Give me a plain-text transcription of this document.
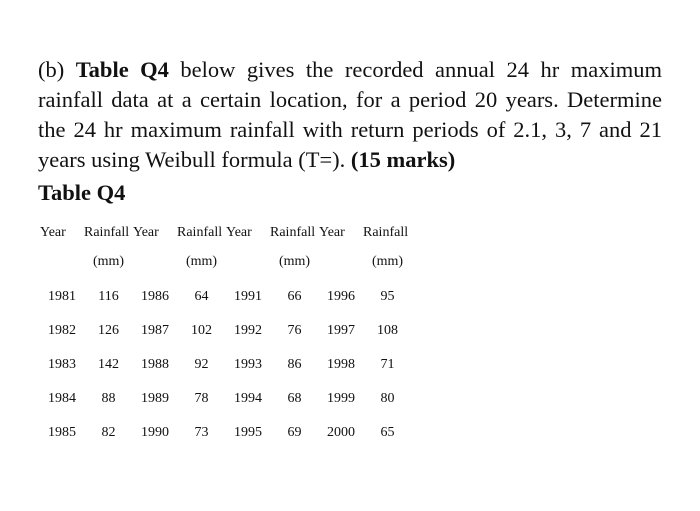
(b) Table Q4 below gives the recorded annual 24 hr maximum rainfall data at a certain location, for a period 20 years. Determine the 24 hr maximum rainfall with return periods of 2.1, 3, 7 and 21 years using Weibull formula (T=). (15 marks)

Table Q4
Year	Rainfall	Year	Rainfall	Year	Rainfall	Year	Rainfall
	(mm)		(mm)		(mm)		(mm)
1981	116	1986	64	1991	66	1996	95
1982	126	1987	102	1992	76	1997	108
1983	142	1988	92	1993	86	1998	71
1984	88	1989	78	1994	68	1999	80
1985	82	1990	73	1995	69	2000	65
